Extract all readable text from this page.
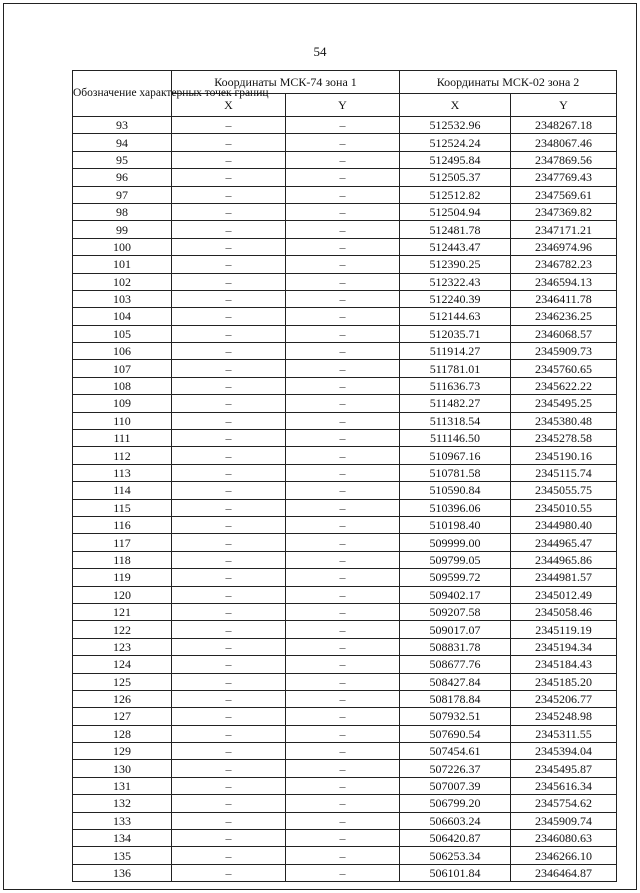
54
Обозначение характерных точек границ	Координаты МСК-74 зона 1		Координаты МСК-02 зона 2	
	X	Y	X	Y
93	–	–	512532.96	2348267.18
94	–	–	512524.24	2348067.46
95	–	–	512495.84	2347869.56
96	–	–	512505.37	2347769.43
97	–	–	512512.82	2347569.61
98	–	–	512504.94	2347369.82
99	–	–	512481.78	2347171.21
100	–	–	512443.47	2346974.96
101	–	–	512390.25	2346782.23
102	–	–	512322.43	2346594.13
103	–	–	512240.39	2346411.78
104	–	–	512144.63	2346236.25
105	–	–	512035.71	2346068.57
106	–	–	511914.27	2345909.73
107	–	–	511781.01	2345760.65
108	–	–	511636.73	2345622.22
109	–	–	511482.27	2345495.25
110	–	–	511318.54	2345380.48
111	–	–	511146.50	2345278.58
112	–	–	510967.16	2345190.16
113	–	–	510781.58	2345115.74
114	–	–	510590.84	2345055.75
115	–	–	510396.06	2345010.55
116	–	–	510198.40	2344980.40
117	–	–	509999.00	2344965.47
118	–	–	509799.05	2344965.86
119	–	–	509599.72	2344981.57
120	–	–	509402.17	2345012.49
121	–	–	509207.58	2345058.46
122	–	–	509017.07	2345119.19
123	–	–	508831.78	2345194.34
124	–	–	508677.76	2345184.43
125	–	–	508427.84	2345185.20
126	–	–	508178.84	2345206.77
127	–	–	507932.51	2345248.98
128	–	–	507690.54	2345311.55
129	–	–	507454.61	2345394.04
130	–	–	507226.37	2345495.87
131	–	–	507007.39	2345616.34
132	–	–	506799.20	2345754.62
133	–	–	506603.24	2345909.74
134	–	–	506420.87	2346080.63
135	–	–	506253.34	2346266.10
136	–	–	506101.84	2346464.87
